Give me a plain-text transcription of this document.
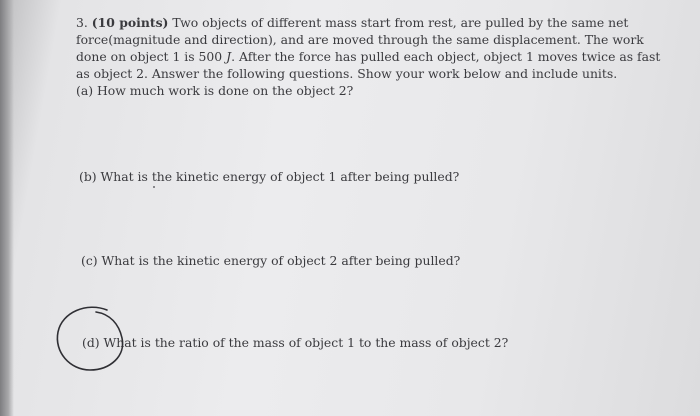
3. (10 points) Two objects of different mass start from rest, are pulled by the same net
force(magnitude and direction), and are moved through the same displacement. The work
done on object 1 is 500 J. After the force has pulled each object, object 1 moves twice as fast
as object 2. Answer the following questions. Show your work below and include units.
(a) How much work is done on the object 2?
(b) What is the kinetic energy of object 1 after being pulled?
(c) What is the kinetic energy of object 2 after being pulled?
(d) What is the ratio of the mass of object 1 to the mass of object 2?
